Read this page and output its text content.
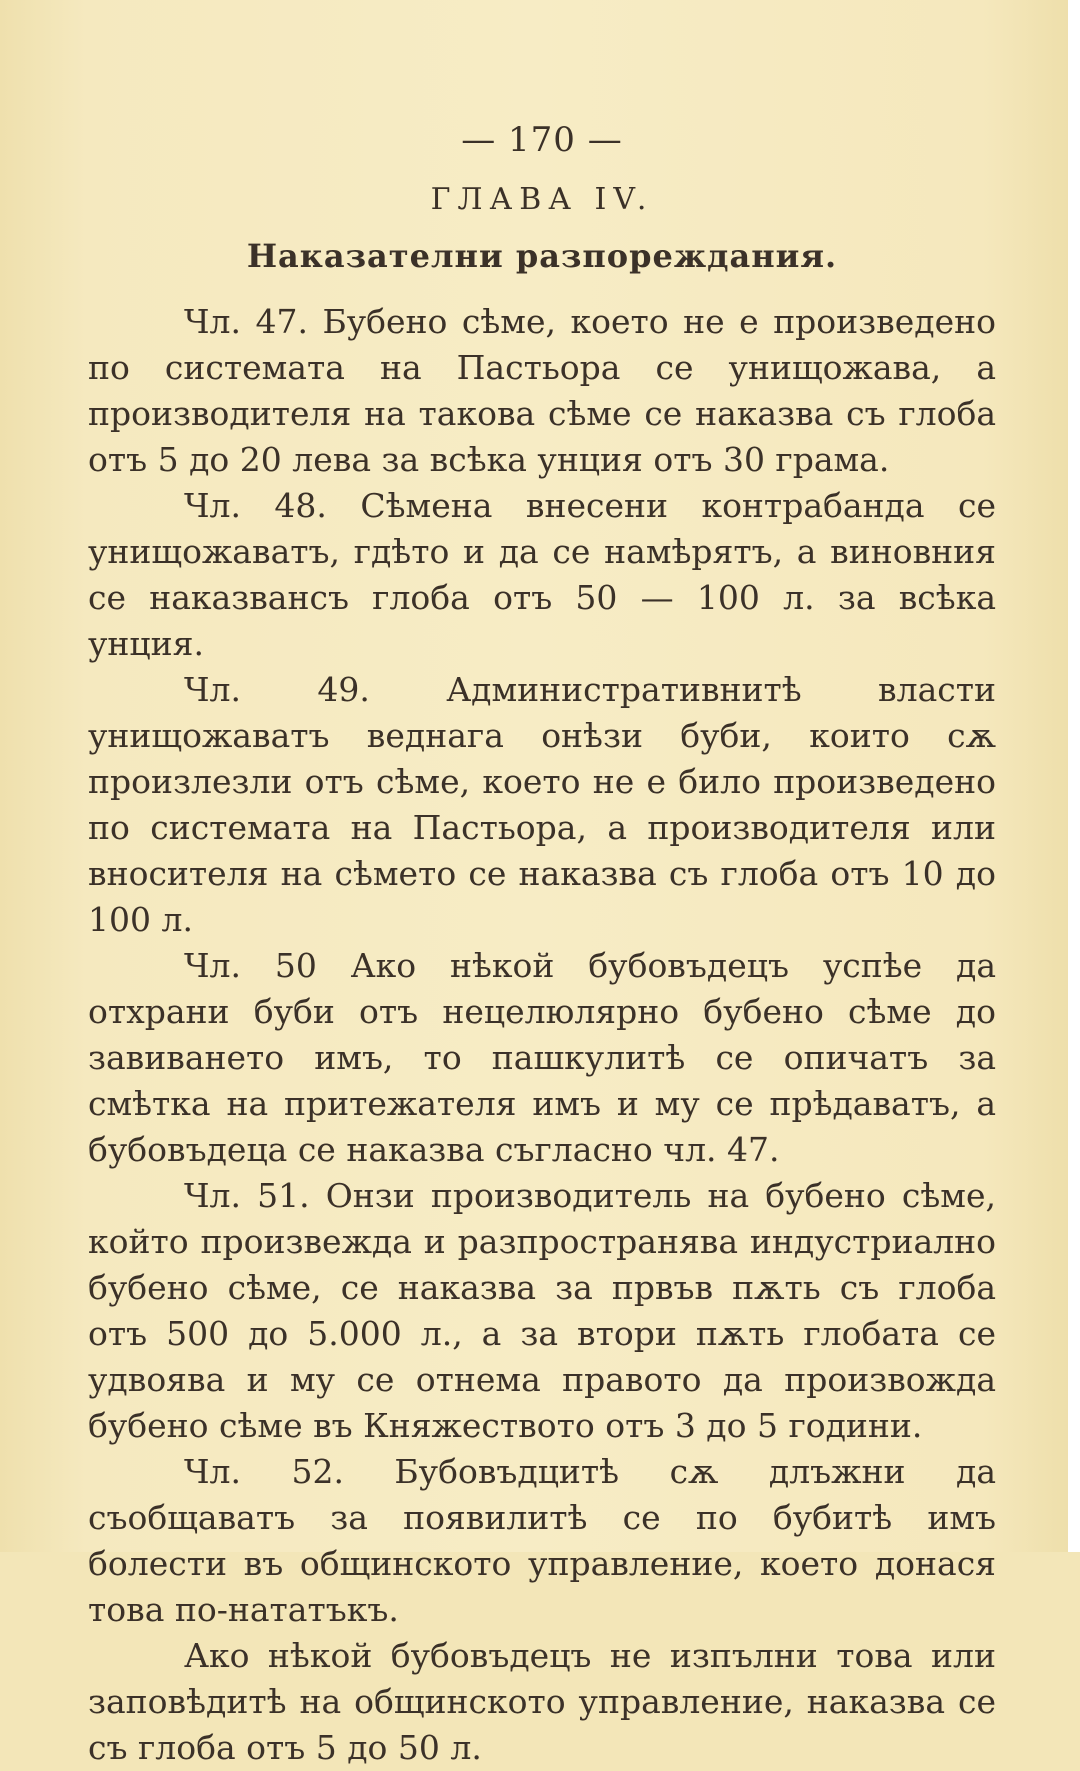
— 170 —
ГЛАВА IV.
Наказателни разпореждания.

Чл. 47. Бубено сѣме, което не е произведено по системата на Пастьора се унищожава, а производителя на такова сѣме се наказва съ глоба отъ 5 до 20 лева за всѣка унция отъ 30 грама.

Чл. 48. Сѣмена внесени контрабанда се унищожаватъ, гдѣто и да се намѣрятъ, а виновния се наказвансъ глоба отъ 50 — 100 л. за всѣка унция.

Чл. 49. Административнитѣ власти унищожаватъ веднага онѣзи буби, които сѫ произлезли отъ сѣме, което не е било произведено по системата на Пастьора, а производителя или вносителя на сѣмето се наказва съ глоба отъ 10 до 100 л.

Чл. 50 Ако нѣкой бубовъдецъ успѣе да отхрани буби отъ нецелюлярно бубено сѣме до завиването имъ, то пашкулитѣ се опичатъ за смѣтка на притежателя имъ и му се прѣдаватъ, а бубовъдеца се наказва съгласно чл. 47.

Чл. 51. Онзи производитель на бубено сѣме, който произвежда и разпространява индустриално бубено сѣме, се наказва за првъв пѫть съ глоба отъ 500 до 5.000 л., а за втори пѫть глобата се удвоява и му се отнема правото да произвожда бубено сѣме въ Княжеството отъ 3 до 5 години.

Чл. 52. Бубовъдцитѣ сѫ длъжни да съобщаватъ за появилитѣ се по бубитѣ имъ болести въ общинското управление, което донася това по-нататъкъ.

Ако нѣкой бубовъдецъ не изпълни това или заповѣдитѣ на общинското управление, наказва се съ глоба отъ 5 до 50 л.
